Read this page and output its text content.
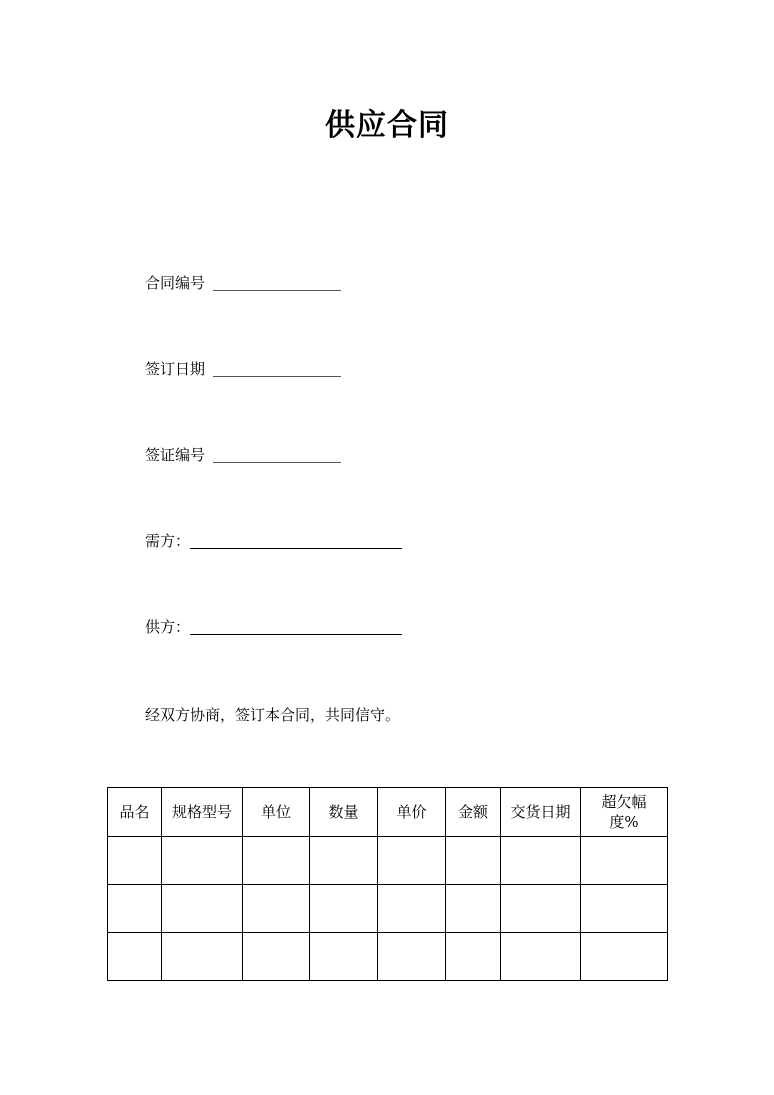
供应合同
合同编号
签订日期
签证编号
需方：
供方：
经双方协商，签订本合同，共同信守。
品名	规格型号	单位	数量	单价	金额	交货日期	超欠幅度%
